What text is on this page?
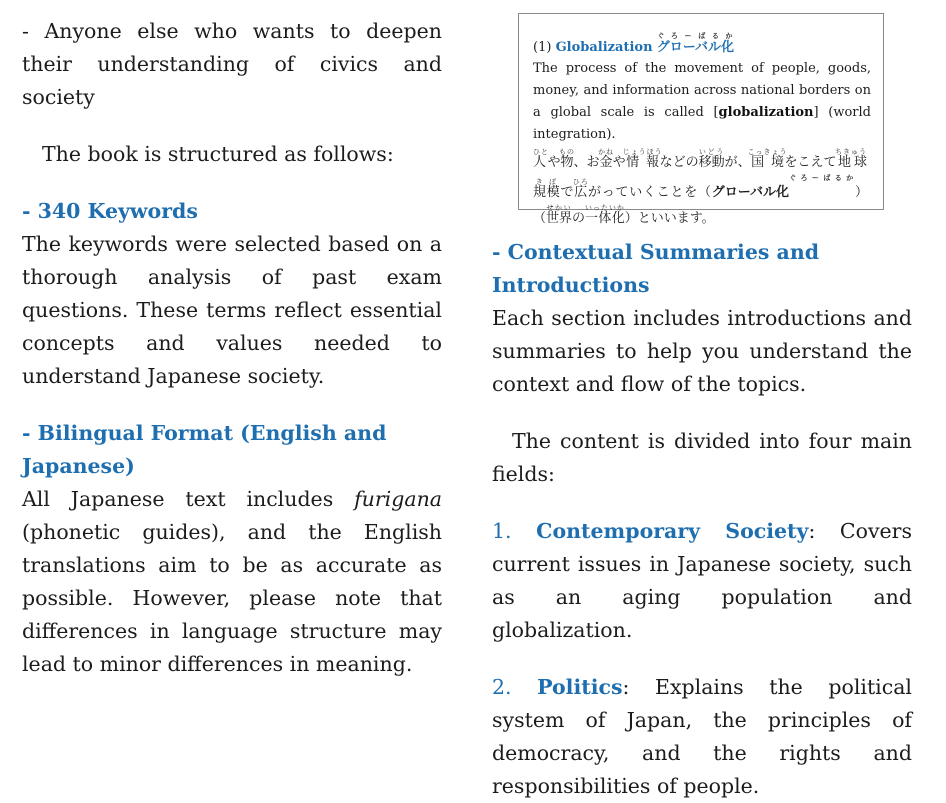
- Anyone else who wants to deepen their understanding of civics and society

The book is structured as follows:

- 340 Keywords

The keywords were selected based on a thorough analysis of past exam questions. These terms reflect essential concepts and values needed to understand Japanese society.

- Bilingual Format (English and Japanese)

All Japanese text includes furigana (phonetic guides), and the English translations aim to be as accurate as possible. However, please note that differences in language structure may lead to minor differences in meaning.

(1) Globalization グローバル化ぐ ろ ー ば る か

The process of the movement of people, goods, money, and information across national borders on a global scale is called [globalization] (world integration).

人ひとや物もの、お金かねや情報じょうほうなどの移動いどうが、国境こっきょうをこえて地球ちきゅう規模きぼで広ひろがっていくことを（グローバル化ぐ ろ ー ば る か）（世界せかいの一体化いったいか）といいます。

- Contextual Summaries and Introductions

Each section includes introductions and summaries to help you understand the context and flow of the topics.

The content is divided into four main fields:

1. Contemporary Society: Covers current issues in Japanese society, such as an aging population and globalization.

2. Politics: Explains the political system of Japan, the principles of democracy, and the rights and responsibilities of people.
